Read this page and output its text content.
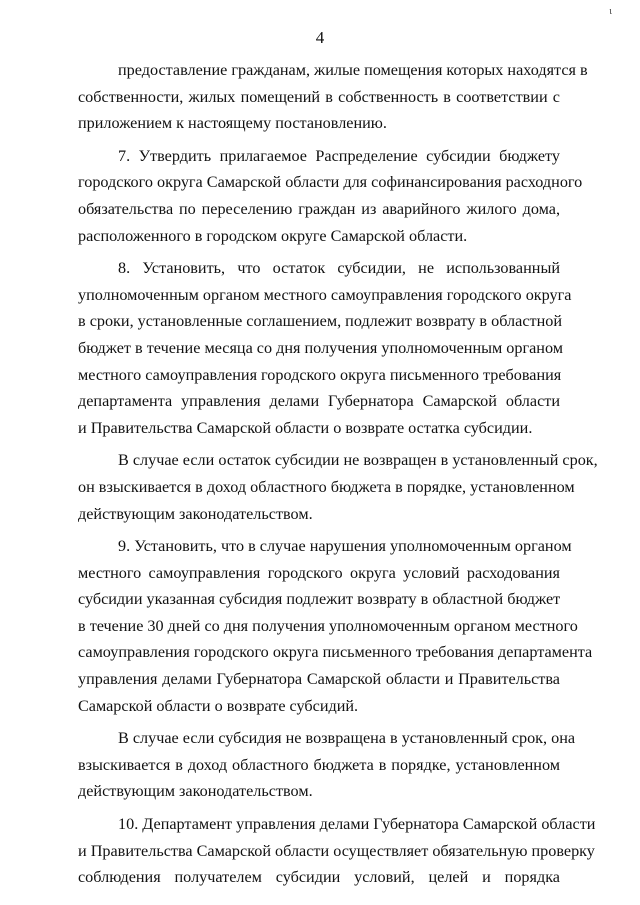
4
ι
предоставление гражданам, жилые помещения которых находятся в
собственности, жилых помещений в собственность в соответствии с
приложением к настоящему постановлению.
7. Утвердить прилагаемое Распределение субсидии бюджету
городского округа Самарской области для софинансирования расходного
обязательства по переселению граждан из аварийного жилого дома,
расположенного в городском округе Самарской области.
8. Установить, что остаток субсидии, не использованный
уполномоченным органом местного самоуправления городского округа
в сроки, установленные соглашением, подлежит возврату в областной
бюджет в течение месяца со дня получения уполномоченным органом
местного самоуправления городского округа письменного требования
департамента управления делами Губернатора Самарской области
и Правительства Самарской области о возврате остатка субсидии.
В случае если остаток субсидии не возвращен в установленный срок,
он взыскивается в доход областного бюджета в порядке, установленном
действующим законодательством.
9. Установить, что в случае нарушения уполномоченным органом
местного самоуправления городского округа условий расходования
субсидии указанная субсидия подлежит возврату в областной бюджет
в течение 30 дней со дня получения уполномоченным органом местного
самоуправления городского округа письменного требования департамента
управления делами Губернатора Самарской области и Правительства
Самарской области о возврате субсидий.
В случае если субсидия не возвращена в установленный срок, она
взыскивается в доход областного бюджета в порядке, установленном
действующим законодательством.
10. Департамент управления делами Губернатора Самарской области
и Правительства Самарской области осуществляет обязательную проверку
соблюдения получателем субсидии условий, целей и порядка
